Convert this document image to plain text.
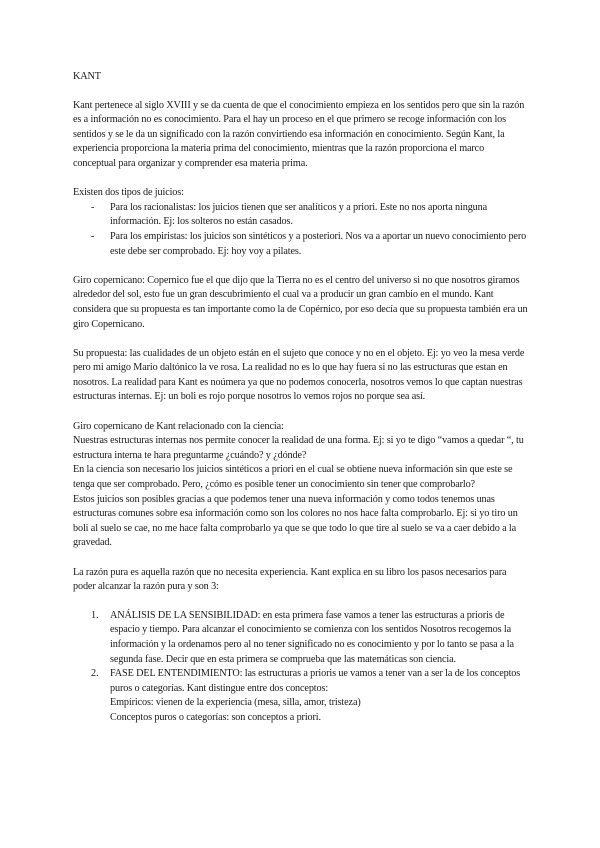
KANT

Kant pertenece al siglo XVIII y se da cuenta de que el conocimiento empieza en los sentidos pero que sin la razón es a información no es conocimiento. Para el hay un proceso en el que primero se recoge información con los sentidos y se le da un significado con la razón convirtiendo esa información en conocimiento. Según Kant, la experiencia proporciona la materia prima del conocimiento, mientras que la razón proporciona el marco conceptual para organizar y comprender esa materia prima.

Existen dos tipos de juicios:

- Para los racionalistas: los juicios tienen que ser analíticos y a priori. Este no nos aporta ninguna información. Ej: los solteros no están casados.
- Para los empiristas: los juicios son sintéticos y a posteriori. Nos va a aportar un nuevo conocimiento pero este debe ser comprobado. Ej: hoy voy a pilates.

Giro copernicano: Copernico fue el que dijo que la Tierra no es el centro del universo si no que nosotros giramos alrededor del sol, esto fue un gran descubrimiento el cual va a producir un gran cambio en el mundo. Kant considera que su propuesta es tan importante como la de Copérnico, por eso decía que su propuesta también era un giro Copernicano.

Su propuesta: las cualidades de un objeto están en el sujeto que conoce y no en el objeto. Ej: yo veo la mesa verde pero mi amigo Mario daltónico la ve rosa. La realidad no es lo que hay fuera si no las estructuras que estan en nosotros. La realidad para Kant es noúmera ya que no podemos conocerla, nosotros vemos lo que captan nuestras estructuras internas. Ej: un boli es rojo porque nosotros lo vemos rojos no porque sea así.

Giro copernicano de Kant relacionado con la ciencia:
Nuestras estructuras internas nos permite conocer la realidad de una forma. Ej: si yo te digo “vamos a quedar “, tu estructura interna te hara preguntarme ¿cuándo? y ¿dónde?
En la ciencia son necesario los juicios sintéticos a priori en el cual se obtiene nueva información sin que este se tenga que ser comprobado. Pero, ¿cómo es posible tener un conocimiento sin tener que comprobarlo?
Estos juicios son posibles gracias a que podemos tener una nueva información y como todos tenemos unas estructuras comunes sobre esa información como son los colores no nos hace falta comprobarlo. Ej: si yo tiro un boli al suelo se cae, no me hace falta comprobarlo ya que se que todo lo que tire al suelo se va a caer debido a la gravedad.

La razón pura es aquella razón que no necesita experiencia. Kant explica en su libro los pasos necesarios para poder alcanzar la razón pura y son 3:

1. ANÁLISIS DE LA SENSIBILIDAD: en esta primera fase vamos a tener las estructuras a prioris de espacio y tiempo. Para alcanzar el conocimiento se comienza con los sentidos Nosotros recogemos la información y la ordenamos pero al no tener significado no es conocimiento y por lo tanto se pasa a la segunda fase. Decir que en esta primera se comprueba que las matemáticas son ciencia.
2. FASE DEL ENTENDIMIENTO: las estructuras a prioris ue vamos a tener van a ser la de los conceptos puros o categorías. Kant distingue entre dos conceptos:
Empíricos: vienen de la experiencia (mesa, silla, amor, tristeza)
Conceptos puros o categorías: son conceptos a priori.
